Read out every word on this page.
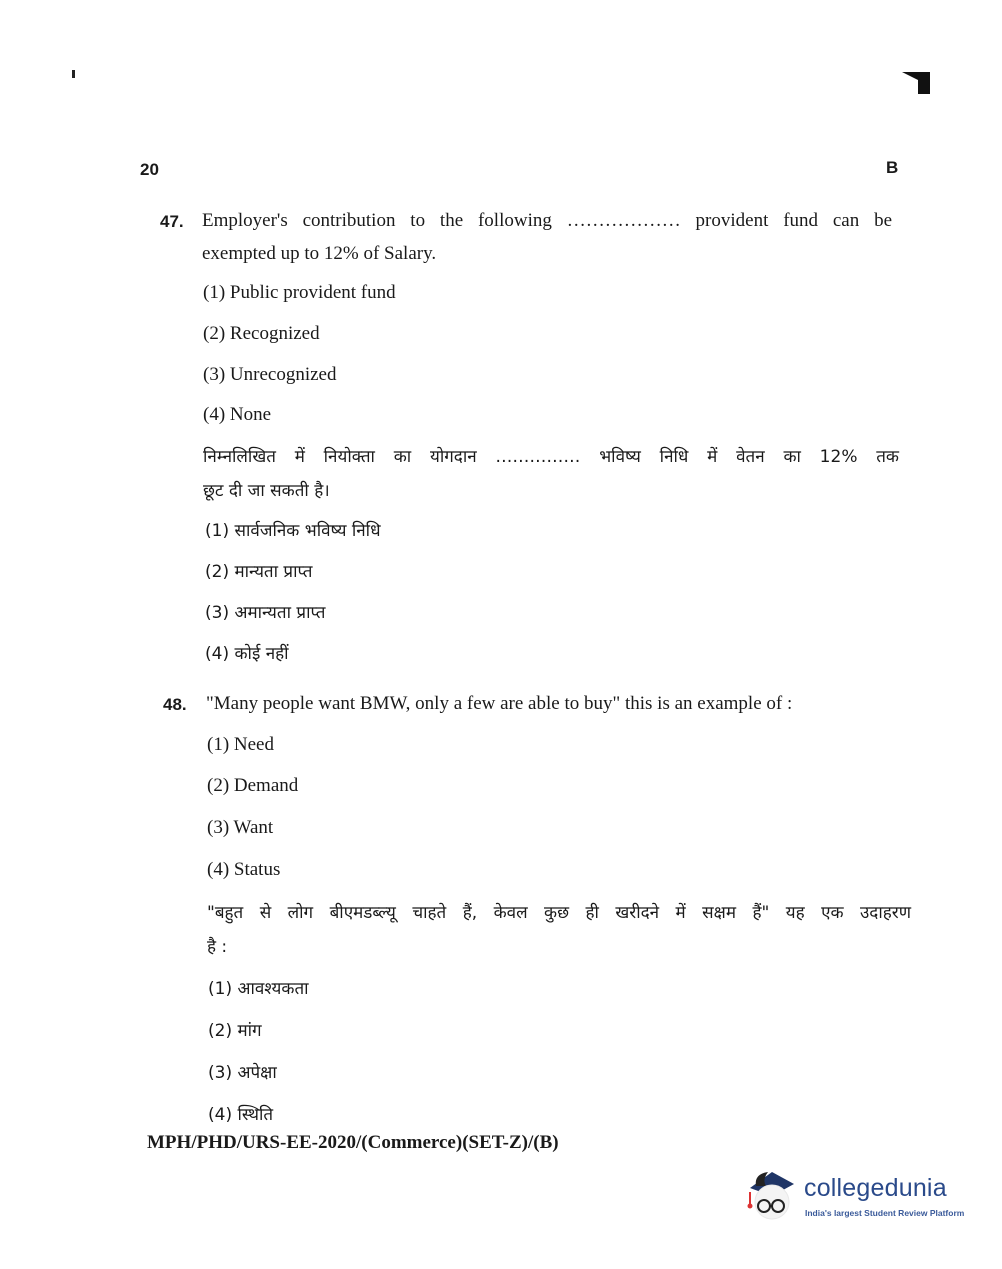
20	B
47. Employer's contribution to the following ……………… provident fund can be
exempted up to 12% of Salary.
(1) Public provident fund
(2) Recognized
(3) Unrecognized
(4) None
निम्नलिखित में नियोक्ता का योगदान …………… भविष्य निधि में वेतन का 12% तक
छूट दी जा सकती है।
(1) सार्वजनिक भविष्य निधि
(2) मान्यता प्राप्त
(3) अमान्यता प्राप्त
(4) कोई नहीं
48. "Many people want BMW, only a few are able to buy" this is an example of :
(1) Need
(2) Demand
(3) Want
(4) Status
"बहुत से लोग बीएमडब्ल्यू चाहते हैं, केवल कुछ ही खरीदने में सक्षम हैं" यह एक उदाहरण
है :
(1) आवश्यकता
(2) मांग
(3) अपेक्षा
(4) स्थिति
MPH/PHD/URS-EE-2020/(Commerce)(SET-Z)/(B)
collegedunia
India's largest Student Review Platform
